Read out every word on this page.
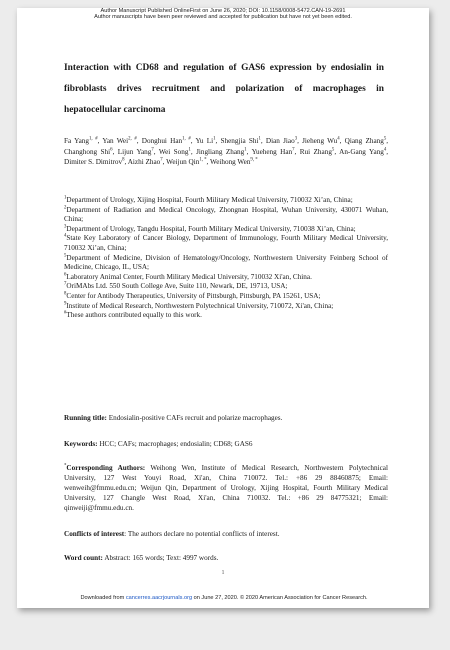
Author Manuscript Published OnlineFirst on June 26, 2020; DOI: 10.1158/0008-5472.CAN-19-2691
Author manuscripts have been peer reviewed and accepted for publication but have not yet been edited.
Interaction with CD68 and regulation of GAS6 expression by endosialin in fibroblasts drives recruitment and polarization of macrophages in hepatocellular carcinoma
Fa Yang$^{1, \#}$, Yan Wei$^{2, \#}$, Donghui Han$^{1, \#}$, Yu Li$^1$, Shengjia Shi$^1$, Dian Jiao$^3$, Jieheng Wu$^4$, Qiang Zhang$^5$, Changhong Shi$^6$, Lijun Yang$^7$, Wei Song$^1$, Jingliang Zhang$^1$, Yueheng Han$^7$, Rui Zhang$^5$, An-Gang Yang$^4$, Dimiter S. Dimitrov$^8$, Aizhi Zhao$^7$, Weijun Qin$^{1, *}$, Weihong Wen$^{9, *}$

$^1$Department of Urology, Xijing Hospital, Fourth Military Medical University, 710032 Xi’an, China;

$^2$Department of Radiation and Medical Oncology, Zhongnan Hospital, Wuhan University, 430071 Wuhan, China;

$^3$Department of Urology, Tangdu Hospital, Fourth Military Medical University, 710038 Xi’an, China;

$^4$State Key Laboratory of Cancer Biology, Department of Immunology, Fourth Military Medical University, 710032 Xi’an, China;

$^5$Department of Medicine, Division of Hematology/Oncology, Northwestern University Feinberg School of Medicine, Chicago, IL, USA;

$^6$Laboratory Animal Center, Fourth Military Medical University, 710032 Xi'an, China.

$^7$OriMAbs Ltd. 550 South College Ave, Suite 110, Newark, DE, 19713, USA;

$^8$Center for Antibody Therapeutics, University of Pittsburgh, Pittsburgh, PA 15261, USA;

$^9$Institute of Medical Research, Northwestern Polytechnical University, 710072, Xi'an, China;

#These authors contributed equally to this work.

Running title: Endosialin-positive CAFs recruit and polarize macrophages.

Keywords: HCC; CAFs; macrophages; endosialin; CD68; GAS6

*Corresponding Authors: Weihong Wen, Institute of Medical Research, Northwestern Polytechnical University, 127 West Youyi Road, Xi'an, China 710072. Tel.: +86 29 88460875; Email: wenweih@fmmu.edu.cn; Weijun Qin, Department of Urology, Xijing Hospital, Fourth Military Medical University, 127 Changle West Road, Xi'an, China 710032. Tel.: +86 29 84775321; Email: qinweiji@fmmu.edu.cn.

Conflicts of interest: The authors declare no potential conflicts of interest.

Word count: Abstract: 165 words; Text: 4997 words.

1
Downloaded from cancerres.aacrjournals.org on June 27, 2020. © 2020 American Association for Cancer Research.
